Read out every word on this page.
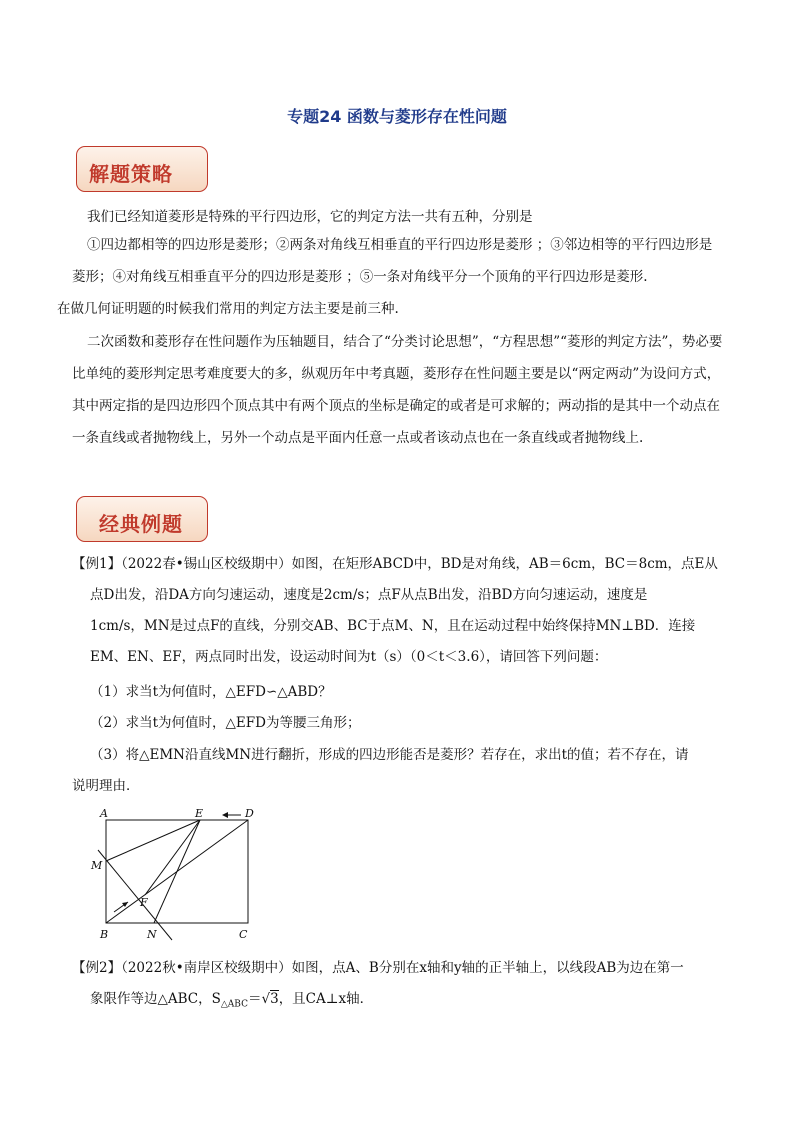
专题24 函数与菱形存在性问题
解题策略
我们已经知道菱形是特殊的平行四边形，它的判定方法一共有五种，分别是
①四边都相等的四边形是菱形；②两条对角线互相垂直的平行四边形是菱形 ；③邻边相等的平行四边形是菱形；④对角线互相垂直平分的四边形是菱形 ；⑤一条对角线平分一个顶角的平行四边形是菱形.
在做几何证明题的时候我们常用的判定方法主要是前三种.
二次函数和菱形存在性问题作为压轴题目，结合了“分类讨论思想”，“方程思想”“菱形的判定方法”，势必要比单纯的菱形判定思考难度要大的多，纵观历年中考真题，菱形存在性问题主要是以“两定两动”为设问方式，其中两定指的是四边形四个顶点其中有两个顶点的坐标是确定的或者是可求解的；两动指的是其中一个动点在一条直线或者抛物线上，另外一个动点是平面内任意一点或者该动点也在一条直线或者抛物线上.
经典例题
【例1】（2022春•锡山区校级期中）如图，在矩形ABCD中，BD是对角线，AB＝6cm，BC＝8cm，点E从
点D出发，沿DA方向匀速运动，速度是2cm/s；点F从点B出发，沿BD方向匀速运动，速度是
1cm/s，MN是过点F的直线，分别交AB、BC于点M、N，且在运动过程中始终保持MN⊥BD．连接
EM、EN、EF，两点同时出发，设运动时间为t（s）（0＜t＜3.6），请回答下列问题：
（1）求当t为何值时，△EFD∽△ABD？
（2）求当t为何值时，△EFD为等腰三角形；
（3）将△EMN沿直线MN进行翻折，形成的四边形能否是菱形？若存在，求出t的值；若不存在，请
说明理由．
A	E	D
M
F
B	N	C
【例2】（2022秋•南岸区校级期中）如图，点A、B分别在x轴和y轴的正半轴上，以线段AB为边在第一
象限作等边△ABC，$S_{\triangle ABC}=√3$，且CA⊥x轴．
